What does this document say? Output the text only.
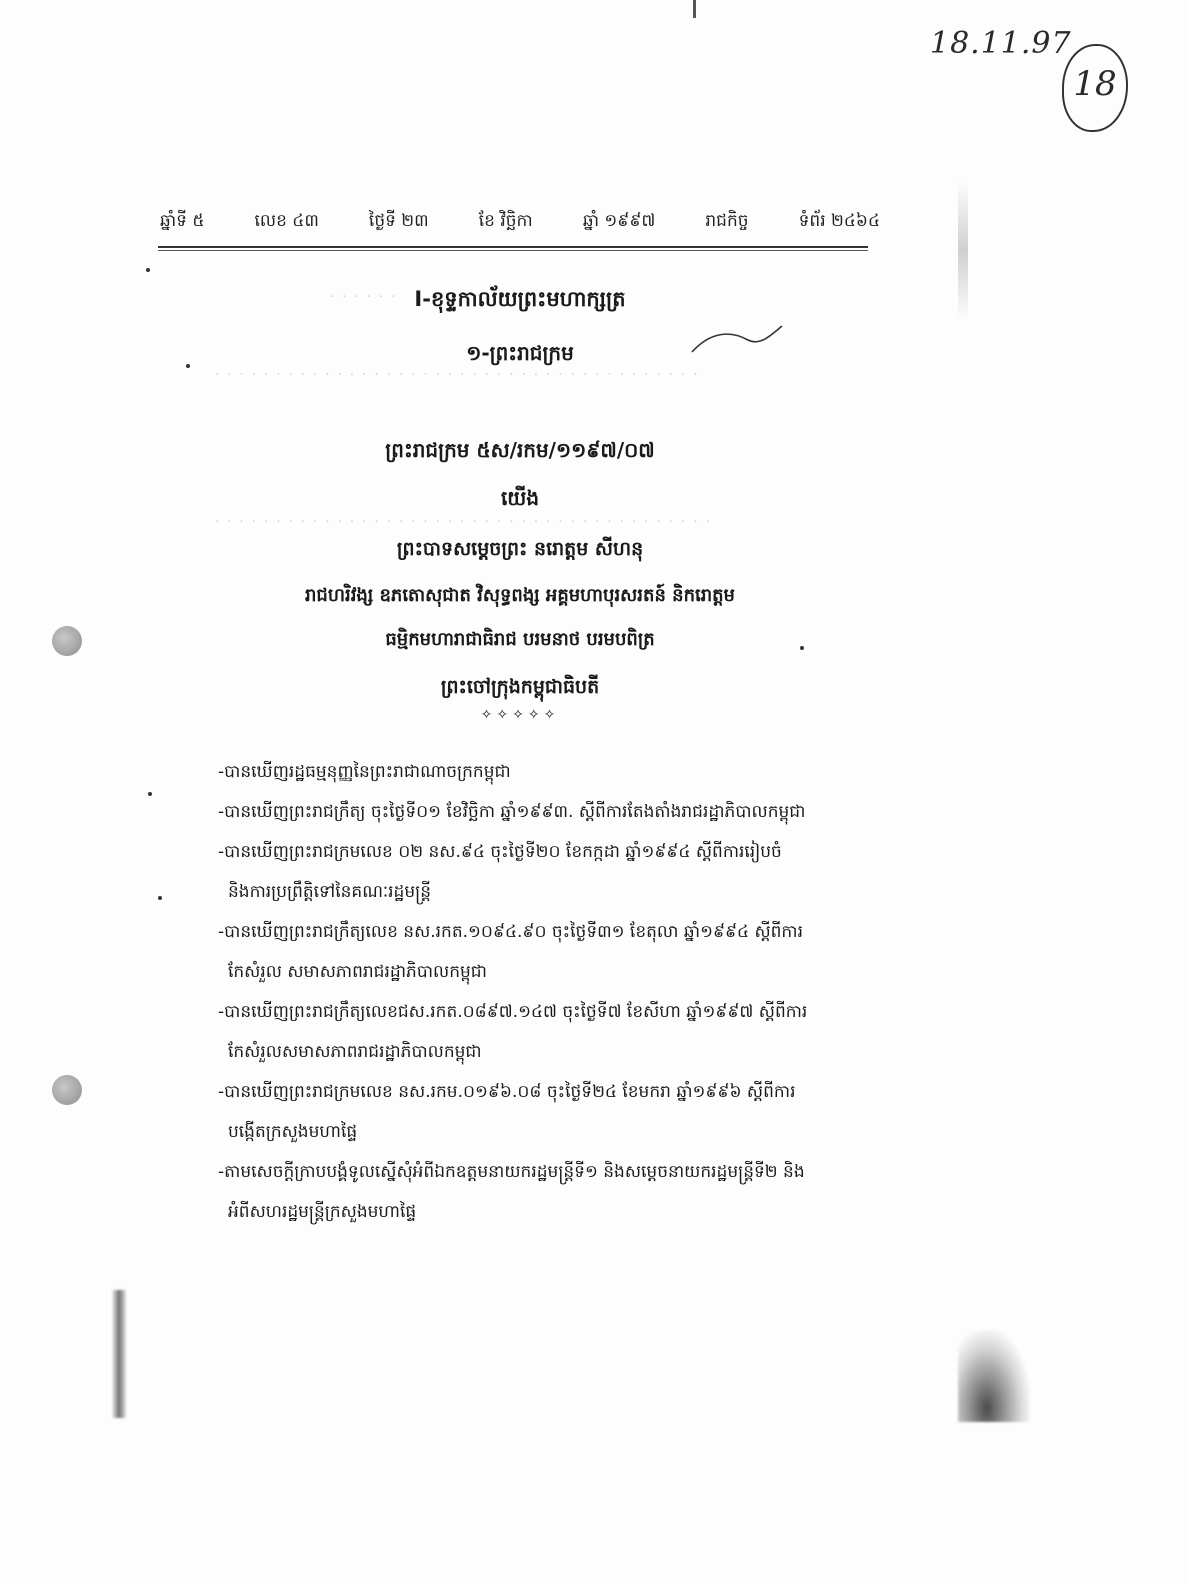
18.11.97
18
ឆ្នាំទី ៥	លេខ ៤៣	ថ្ងៃទី ២៣	ខែ វិច្ឆិកា	ឆ្នាំ ១៩៩៧	រាជកិច្ច	ទំព័រ ២៤៦៤
· · · · · ·
· · · · · · · · · · · · · · · · · · · · · · · · · · · · · · · · · · · · · · · ·
· · · · · · · · · · · · · · · · · · · · · · · · · · · · · · · · · · · · · · · · ·
I-ខុទ្ទកាល័យព្រះមហាក្សត្រ
១-ព្រះរាជក្រម
ព្រះរាជក្រម ៥ស/រកម/១១៩៧/០៧
យើង
ព្រះបាទសម្តេចព្រះ នរោត្តម សីហនុ
រាជហរិវង្ស ឧភតោសុជាត វិសុទ្ធពង្ស អគ្គមហាបុរសរតន៍ និករោត្តម
ធម្មិកមហារាជាធិរាជ បរមនាថ បរមបពិត្រ
ព្រះចៅក្រុងកម្ពុជាធិបតី
✧✧✧✧✧

-បានឃើញរដ្ឋធម្មនុញ្ញនៃព្រះរាជាណាចក្រកម្ពុជា

-បានឃើញព្រះរាជក្រឹត្យ ចុះថ្ងៃទី០១ ខែវិច្ឆិកា ឆ្នាំ១៩៩៣. ស្តីពីការតែងតាំងរាជរដ្ឋាភិបាលកម្ពុជា

-បានឃើញព្រះរាជក្រមលេខ ០២ នស.៩៤ ចុះថ្ងៃទី២០ ខែកក្កដា ឆ្នាំ១៩៩៤ ស្តីពីការរៀបចំ

និងការប្រព្រឹត្តិទៅនៃគណៈរដ្ឋមន្ត្រី

-បានឃើញព្រះរាជក្រឹត្យលេខ នស.រកត.១០៩៤.៩០ ចុះថ្ងៃទី៣១ ខែតុលា ឆ្នាំ១៩៩៤ ស្តីពីការ

កែសំរួល សមាសភាពរាជរដ្ឋាភិបាលកម្ពុជា

-បានឃើញព្រះរាជក្រឹត្យលេខជស.រកត.០៨៩៧.១៤៧ ចុះថ្ងៃទី៧ ខែសីហា ឆ្នាំ១៩៩៧ ស្តីពីការ

កែសំរួលសមាសភាពរាជរដ្ឋាភិបាលកម្ពុជា

-បានឃើញព្រះរាជក្រមលេខ នស.រកម.០១៩៦.០៨ ចុះថ្ងៃទី២៤ ខែមករា ឆ្នាំ១៩៩៦ ស្តីពីការ

បង្កើតក្រសួងមហាផ្ទៃ

-តាមសេចក្តីក្រាបបង្គំទូលស្នើសុំអំពីឯកឧត្តមនាយករដ្ឋមន្ត្រីទី១ និងសម្តេចនាយករដ្ឋមន្ត្រីទី២ និង

អំពីសហរដ្ឋមន្ត្រីក្រសួងមហាផ្ទៃ
